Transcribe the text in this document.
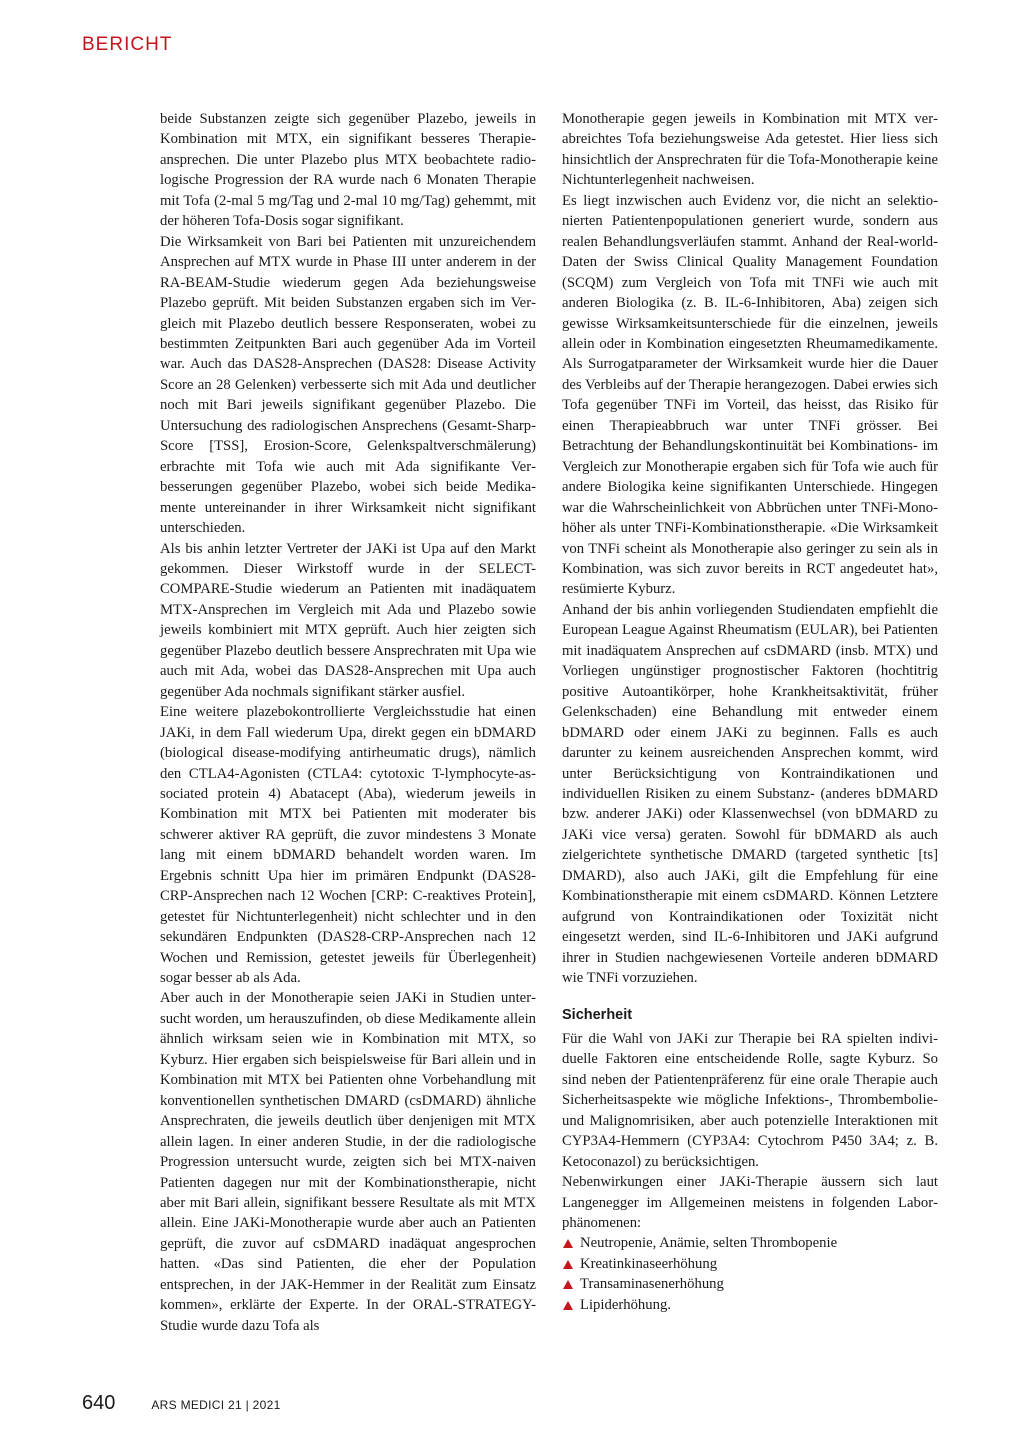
BERICHT

beide Substanzen zeigte sich gegenüber Plazebo, jeweils in Kombination mit MTX, ein signifikant besseres Therapieansprechen. Die unter Plazebo plus MTX beobachtete radiologische Progression der RA wurde nach 6 Monaten Therapie mit Tofa (2-mal 5 mg/Tag und 2-mal 10 mg/Tag) gehemmt, mit der höheren Tofa-Dosis sogar signifikant.

Die Wirksamkeit von Bari bei Patienten mit unzureichendem Ansprechen auf MTX wurde in Phase III unter anderem in der RA-BEAM-Studie wiederum gegen Ada beziehungsweise Plazebo geprüft. Mit beiden Substanzen ergaben sich im Vergleich mit Plazebo deutlich bessere Responseraten, wobei zu bestimmten Zeitpunkten Bari auch gegenüber Ada im Vorteil war. Auch das DAS28-Ansprechen (DAS28: Disease Activity Score an 28 Gelenken) verbesserte sich mit Ada und deutlicher noch mit Bari jeweils signifikant gegenüber Plazebo. Die Untersuchung des radiologischen Ansprechens (Gesamt-Sharp-Score [TSS], Erosion-Score, Gelenkspaltverschmälerung) erbrachte mit Tofa wie auch mit Ada signifikante Verbesserungen gegenüber Plazebo, wobei sich beide Medikamente untereinander in ihrer Wirksamkeit nicht signifikant unterschieden.

Als bis anhin letzter Vertreter der JAKi ist Upa auf den Markt gekommen. Dieser Wirkstoff wurde in der SELECT-COMPARE-Studie wiederum an Patienten mit inadäquatem MTX-Ansprechen im Vergleich mit Ada und Plazebo sowie jeweils kombiniert mit MTX geprüft. Auch hier zeigten sich gegenüber Plazebo deutlich bessere Ansprechraten mit Upa wie auch mit Ada, wobei das DAS28-Ansprechen mit Upa auch gegenüber Ada nochmals signifikant stärker ausfiel.

Eine weitere plazebokontrollierte Vergleichsstudie hat einen JAKi, in dem Fall wiederum Upa, direkt gegen ein bDMARD (biological disease-modifying antirheumatic drugs), nämlich den CTLA4-Agonisten (CTLA4: cytotoxic T-lymphocyte-associated protein 4) Abatacept (Aba), wiederum jeweils in Kombination mit MTX bei Patienten mit moderater bis schwerer aktiver RA geprüft, die zuvor mindestens 3 Monate lang mit einem bDMARD behandelt worden waren. Im Ergebnis schnitt Upa hier im primären Endpunkt (DAS28-CRP-Ansprechen nach 12 Wochen [CRP: C-reaktives Protein], getestet für Nichtunterlegenheit) nicht schlechter und in den sekundären Endpunkten (DAS28-CRP-Ansprechen nach 12 Wochen und Remission, getestet jeweils für Überlegenheit) sogar besser ab als Ada.

Aber auch in der Monotherapie seien JAKi in Studien untersucht worden, um herauszufinden, ob diese Medikamente allein ähnlich wirksam seien wie in Kombination mit MTX, so Kyburz. Hier ergaben sich beispielsweise für Bari allein und in Kombination mit MTX bei Patienten ohne Vorbehandlung mit konventionellen synthetischen DMARD (csDMARD) ähnliche Ansprechraten, die jeweils deutlich über denjenigen mit MTX allein lagen. In einer anderen Studie, in der die radiologische Progression untersucht wurde, zeigten sich bei MTX-naiven Patienten dagegen nur mit der Kombinationstherapie, nicht aber mit Bari allein, signifikant bessere Resultate als mit MTX allein. Eine JAKi-Monotherapie wurde aber auch an Patienten geprüft, die zuvor auf csDMARD inadäquat angesprochen hatten. «Das sind Patienten, die eher der Population entsprechen, in der JAK-Hemmer in der Realität zum Einsatz kommen», erklärte der Experte. In der ORAL-STRATEGY-Studie wurde dazu Tofa als

Monotherapie gegen jeweils in Kombination mit MTX verabreichtes Tofa beziehungsweise Ada getestet. Hier liess sich hinsichtlich der Ansprechraten für die Tofa-Monotherapie keine Nichtunterlegenheit nachweisen.

Es liegt inzwischen auch Evidenz vor, die nicht an selektionierten Patientenpopulationen generiert wurde, sondern aus realen Behandlungsverläufen stammt. Anhand der Real-world-Daten der Swiss Clinical Quality Management Foundation (SCQM) zum Vergleich von Tofa mit TNFi wie auch mit anderen Biologika (z. B. IL-6-Inhibitoren, Aba) zeigen sich gewisse Wirksamkeitsunterschiede für die einzelnen, jeweils allein oder in Kombination eingesetzten Rheumamedikamente. Als Surrogatparameter der Wirksamkeit wurde hier die Dauer des Verbleibs auf der Therapie herangezogen. Dabei erwies sich Tofa gegenüber TNFi im Vorteil, das heisst, das Risiko für einen Therapieabbruch war unter TNFi grösser. Bei Betrachtung der Behandlungskontinuität bei Kombinations- im Vergleich zur Monotherapie ergaben sich für Tofa wie auch für andere Biologika keine signifikanten Unterschiede. Hingegen war die Wahrscheinlichkeit von Abbrüchen unter TNFi-Mono- höher als unter TNFi-Kombinationstherapie. «Die Wirksamkeit von TNFi scheint als Monotherapie also geringer zu sein als in Kombination, was sich zuvor bereits in RCT angedeutet hat», resümierte Kyburz.

Anhand der bis anhin vorliegenden Studiendaten empfiehlt die European League Against Rheumatism (EULAR), bei Patienten mit inadäquatem Ansprechen auf csDMARD (insb. MTX) und Vorliegen ungünstiger prognostischer Faktoren (hochtitrig positive Autoantikörper, hohe Krankheitsaktivität, früher Gelenkschaden) eine Behandlung mit entweder einem bDMARD oder einem JAKi zu beginnen. Falls es auch darunter zu keinem ausreichenden Ansprechen kommt, wird unter Berücksichtigung von Kontraindikationen und individuellen Risiken zu einem Substanz- (anderes bDMARD bzw. anderer JAKi) oder Klassenwechsel (von bDMARD zu JAKi vice versa) geraten. Sowohl für bDMARD als auch zielgerichtete synthetische DMARD (targeted synthetic [ts] DMARD), also auch JAKi, gilt die Empfehlung für eine Kombinationstherapie mit einem csDMARD. Können Letztere aufgrund von Kontraindikationen oder Toxizität nicht eingesetzt werden, sind IL-6-Inhibitoren und JAKi aufgrund ihrer in Studien nachgewiesenen Vorteile anderen bDMARD wie TNFi vorzuziehen.

Sicherheit

Für die Wahl von JAKi zur Therapie bei RA spielten individuelle Faktoren eine entscheidende Rolle, sagte Kyburz. So sind neben der Patientenpräferenz für eine orale Therapie auch Sicherheitsaspekte wie mögliche Infektions-, Thrombembolie- und Malignomrisiken, aber auch potenzielle Interaktionen mit CYP3A4-Hemmern (CYP3A4: Cytochrom P450 3A4; z. B. Ketoconazol) zu berücksichtigen.

Nebenwirkungen einer JAKi-Therapie äussern sich laut Langenegger im Allgemeinen meistens in folgenden Laborphänomenen:

Neutropenie, Anämie, selten Thrombopenie
Kreatinkinaseerhöhung
Transaminasenerhöhung
Lipiderhöhung.
640	ARS MEDICI 21 | 2021
